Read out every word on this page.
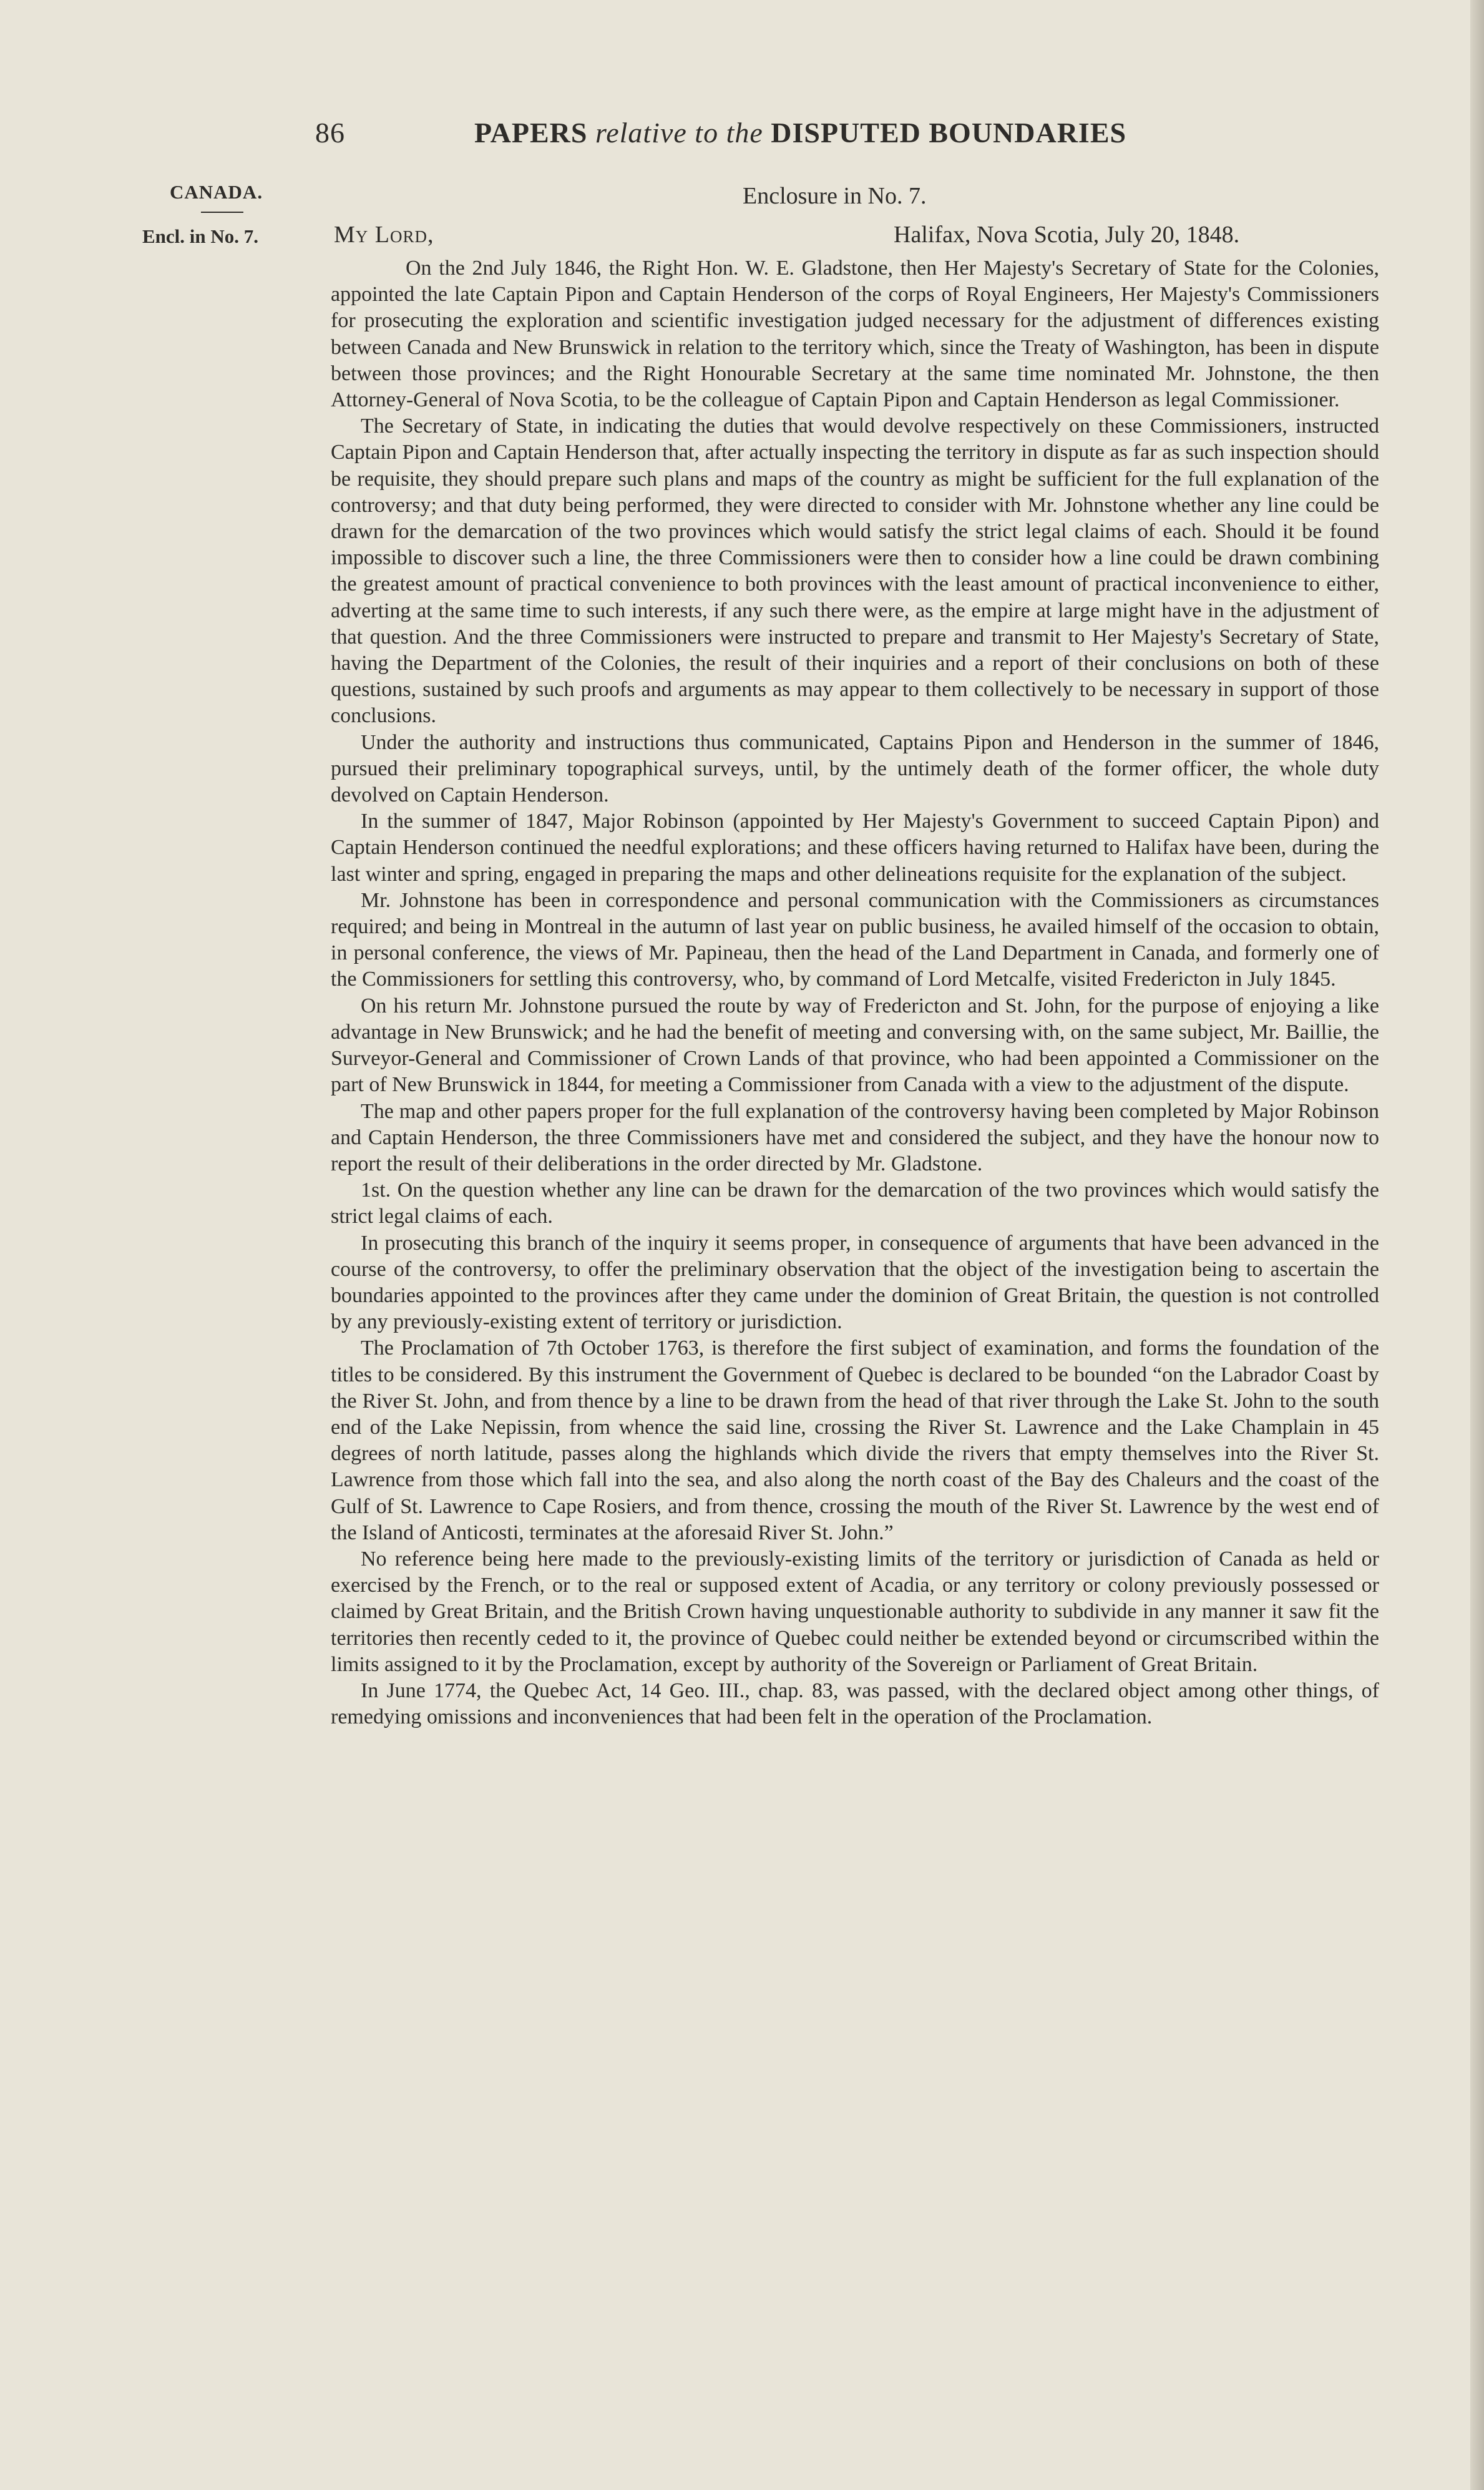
86	PAPERS relative to the DISPUTED BOUNDARIES
CANADA.
Encl. in No. 7.
Enclosure in No. 7.
My Lord,	Halifax, Nova Scotia, July 20, 1848.

On the 2nd July 1846, the Right Hon. W. E. Gladstone, then Her Majesty's Secretary of State for the Colonies, appointed the late Captain Pipon and Captain Henderson of the corps of Royal Engineers, Her Majesty's Commissioners for prosecuting the exploration and scientific investigation judged necessary for the adjustment of differences existing between Canada and New Brunswick in relation to the territory which, since the Treaty of Washington, has been in dispute between those provinces; and the Right Honourable Secretary at the same time nominated Mr. Johnstone, the then Attorney-General of Nova Scotia, to be the colleague of Captain Pipon and Captain Henderson as legal Commissioner.

The Secretary of State, in indicating the duties that would devolve respectively on these Commissioners, instructed Captain Pipon and Captain Henderson that, after actually inspecting the territory in dispute as far as such inspection should be requisite, they should prepare such plans and maps of the country as might be sufficient for the full explanation of the controversy; and that duty being performed, they were directed to consider with Mr. Johnstone whether any line could be drawn for the demarcation of the two provinces which would satisfy the strict legal claims of each. Should it be found impossible to discover such a line, the three Commissioners were then to consider how a line could be drawn combining the greatest amount of practical convenience to both provinces with the least amount of practical inconvenience to either, adverting at the same time to such interests, if any such there were, as the empire at large might have in the adjustment of that question. And the three Commissioners were instructed to prepare and transmit to Her Majesty's Secretary of State, having the Department of the Colonies, the result of their inquiries and a report of their conclusions on both of these questions, sustained by such proofs and arguments as may appear to them collectively to be necessary in support of those conclusions.

Under the authority and instructions thus communicated, Captains Pipon and Henderson in the summer of 1846, pursued their preliminary topographical surveys, until, by the untimely death of the former officer, the whole duty devolved on Captain Henderson.

In the summer of 1847, Major Robinson (appointed by Her Majesty's Government to succeed Captain Pipon) and Captain Henderson continued the needful explorations; and these officers having returned to Halifax have been, during the last winter and spring, engaged in preparing the maps and other delineations requisite for the explanation of the subject.

Mr. Johnstone has been in correspondence and personal communication with the Commissioners as circumstances required; and being in Montreal in the autumn of last year on public business, he availed himself of the occasion to obtain, in personal conference, the views of Mr. Papineau, then the head of the Land Department in Canada, and formerly one of the Commissioners for settling this controversy, who, by command of Lord Metcalfe, visited Fredericton in July 1845.

On his return Mr. Johnstone pursued the route by way of Fredericton and St. John, for the purpose of enjoying a like advantage in New Brunswick; and he had the benefit of meeting and conversing with, on the same subject, Mr. Baillie, the Surveyor-General and Commissioner of Crown Lands of that province, who had been appointed a Commissioner on the part of New Brunswick in 1844, for meeting a Commissioner from Canada with a view to the adjustment of the dispute.

The map and other papers proper for the full explanation of the controversy having been completed by Major Robinson and Captain Henderson, the three Commissioners have met and considered the subject, and they have the honour now to report the result of their deliberations in the order directed by Mr. Gladstone.

1st. On the question whether any line can be drawn for the demarcation of the two provinces which would satisfy the strict legal claims of each.

In prosecuting this branch of the inquiry it seems proper, in consequence of arguments that have been advanced in the course of the controversy, to offer the preliminary observation that the object of the investigation being to ascertain the boundaries appointed to the provinces after they came under the dominion of Great Britain, the question is not controlled by any previously-existing extent of territory or jurisdiction.

The Proclamation of 7th October 1763, is therefore the first subject of examination, and forms the foundation of the titles to be considered. By this instrument the Government of Quebec is declared to be bounded “on the Labrador Coast by the River St. John, and from thence by a line to be drawn from the head of that river through the Lake St. John to the south end of the Lake Nepissin, from whence the said line, crossing the River St. Lawrence and the Lake Champlain in 45 degrees of north latitude, passes along the highlands which divide the rivers that empty themselves into the River St. Lawrence from those which fall into the sea, and also along the north coast of the Bay des Chaleurs and the coast of the Gulf of St. Lawrence to Cape Rosiers, and from thence, crossing the mouth of the River St. Lawrence by the west end of the Island of Anticosti, terminates at the aforesaid River St. John.”

No reference being here made to the previously-existing limits of the territory or jurisdiction of Canada as held or exercised by the French, or to the real or supposed extent of Acadia, or any territory or colony previously possessed or claimed by Great Britain, and the British Crown having unquestionable authority to subdivide in any manner it saw fit the territories then recently ceded to it, the province of Quebec could neither be extended beyond or circumscribed within the limits assigned to it by the Proclamation, except by authority of the Sovereign or Parliament of Great Britain.

In June 1774, the Quebec Act, 14 Geo. III., chap. 83, was passed, with the declared object among other things, of remedying omissions and inconveniences that had been felt in the operation of the Proclamation.
